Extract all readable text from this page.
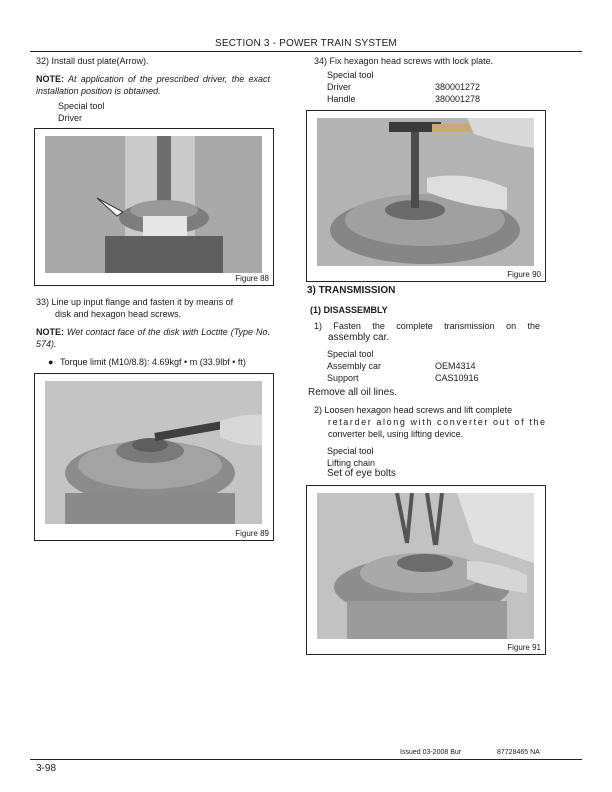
SECTION 3 - POWER TRAIN SYSTEM
32) Install dust plate(Arrow).
NOTE: At application of the prescribed driver, the exact installation position is obtained.
Special tool
Driver
Figure 88
33) Line up input flange and fasten it by means of
disk and hexagon head screws.
NOTE: Wet contact face of the disk with Loctite (Type No. 574).
● Torque limit (M10/8.8): 4.69kgf • m (33.9lbf • ft)
Figure 89
34) Fix hexagon head screws with lock plate.
Special tool
Driver	380001272
Handle	380001278
Figure 90
3) TRANSMISSION
(1) DISASSEMBLY
1) Fasten the complete transmission on the
assembly car.
Special tool
Assembly car	OEM4314
Support	CAS10916
Remove all oil lines.
2) Loosen hexagon head screws and lift complete
retarder along with converter out of the
converter bell, using lifting device.
Special tool
Lifting chain
Set of eye bolts
Figure 91
Issued 03-2008 Bur	87728465 NA
3-98
